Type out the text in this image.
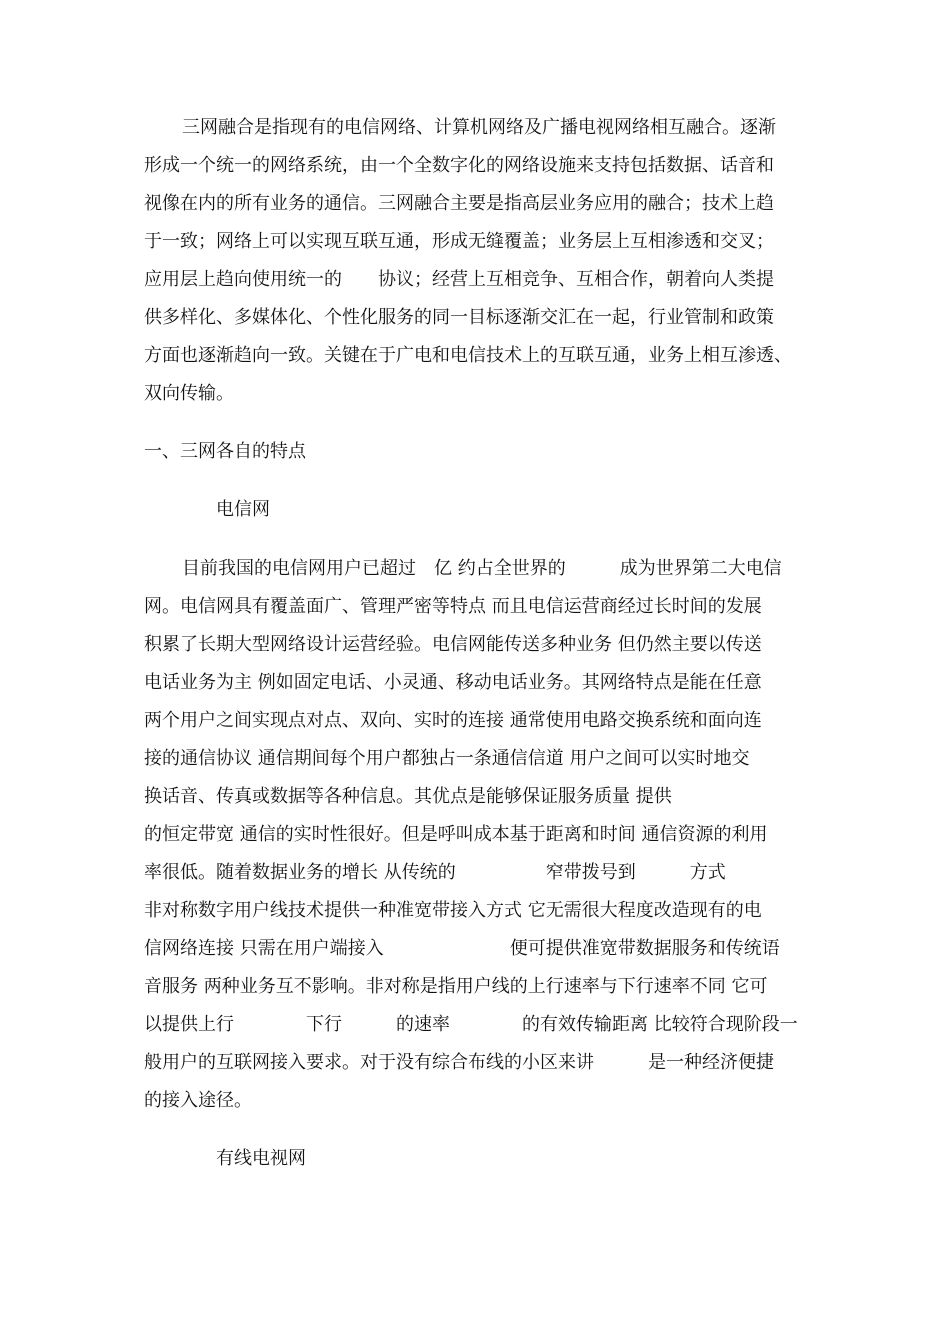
三网融合是指现有的电信网络、计算机网络及广播电视网络相互融合。逐渐
形成一个统一的网络系统，由一个全数字化的网络设施来支持包括数据、话音和
视像在内的所有业务的通信。三网融合主要是指高层业务应用的融合；技术上趋
于一致；网络上可以实现互联互通，形成无缝覆盖；业务层上互相渗透和交叉；
应用层上趋向使用统一的　　协议；经营上互相竞争、互相合作，朝着向人类提
供多样化、多媒体化、个性化服务的同一目标逐渐交汇在一起，行业管制和政策
方面也逐渐趋向一致。关键在于广电和电信技术上的互联互通，业务上相互渗透、
双向传输。
一、三网各自的特点
电信网
目前我国的电信网用户已超过　亿 约占全世界的　　　成为世界第二大电信
网。电信网具有覆盖面广、管理严密等特点 而且电信运营商经过长时间的发展
积累了长期大型网络设计运营经验。电信网能传送多种业务 但仍然主要以传送
电话业务为主 例如固定电话、小灵通、移动电话业务。其网络特点是能在任意
两个用户之间实现点对点、双向、实时的连接 通常使用电路交换系统和面向连
接的通信协议 通信期间每个用户都独占一条通信信道 用户之间可以实时地交
换话音、传真或数据等各种信息。其优点是能够保证服务质量 提供
的恒定带宽 通信的实时性很好。但是呼叫成本基于距离和时间 通信资源的利用
率很低。随着数据业务的增长 从传统的　　　　　窄带拨号到　　　方式
非对称数字用户线技术提供一种准宽带接入方式 它无需很大程度改造现有的电
信网络连接 只需在用户端接入　　　　　　　便可提供准宽带数据服务和传统语
音服务 两种业务互不影响。非对称是指用户线的上行速率与下行速率不同 它可
以提供上行　　　　下行　　　的速率　　　　的有效传输距离 比较符合现阶段一
般用户的互联网接入要求。对于没有综合布线的小区来讲　　　是一种经济便捷
的接入途径。
有线电视网
